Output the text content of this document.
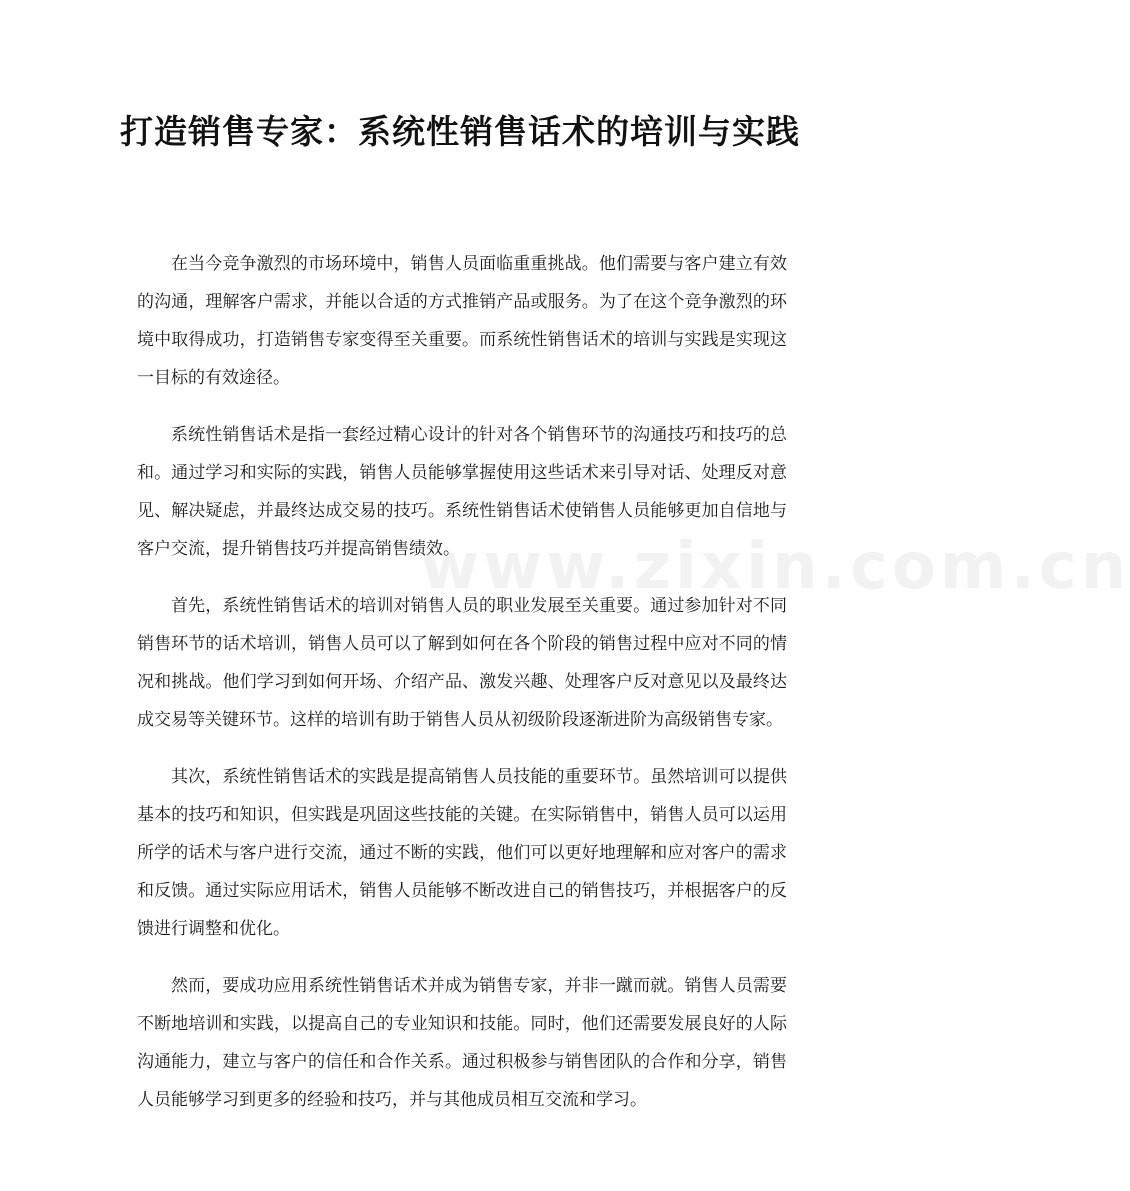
打造销售专家：系统性销售话术的培训与实践

在当今竞争激烈的市场环境中，销售人员面临重重挑战。他们需要与客户建立有效的沟通，理解客户需求，并能以合适的方式推销产品或服务。为了在这个竞争激烈的环境中取得成功，打造销售专家变得至关重要。而系统性销售话术的培训与实践是实现这一目标的有效途径。

系统性销售话术是指一套经过精心设计的针对各个销售环节的沟通技巧和技巧的总和。通过学习和实际的实践，销售人员能够掌握使用这些话术来引导对话、处理反对意见、解决疑虑，并最终达成交易的技巧。系统性销售话术使销售人员能够更加自信地与客户交流，提升销售技巧并提高销售绩效。

首先，系统性销售话术的培训对销售人员的职业发展至关重要。通过参加针对不同销售环节的话术培训，销售人员可以了解到如何在各个阶段的销售过程中应对不同的情况和挑战。他们学习到如何开场、介绍产品、激发兴趣、处理客户反对意见以及最终达成交易等关键环节。这样的培训有助于销售人员从初级阶段逐渐进阶为高级销售专家。

其次，系统性销售话术的实践是提高销售人员技能的重要环节。虽然培训可以提供基本的技巧和知识，但实践是巩固这些技能的关键。在实际销售中，销售人员可以运用所学的话术与客户进行交流，通过不断的实践，他们可以更好地理解和应对客户的需求和反馈。通过实际应用话术，销售人员能够不断改进自己的销售技巧，并根据客户的反馈进行调整和优化。

然而，要成功应用系统性销售话术并成为销售专家，并非一蹴而就。销售人员需要不断地培训和实践，以提高自己的专业知识和技能。同时，他们还需要发展良好的人际沟通能力，建立与客户的信任和合作关系。通过积极参与销售团队的合作和分享，销售人员能够学习到更多的经验和技巧，并与其他成员相互交流和学习。

www.zixin.com.cn
